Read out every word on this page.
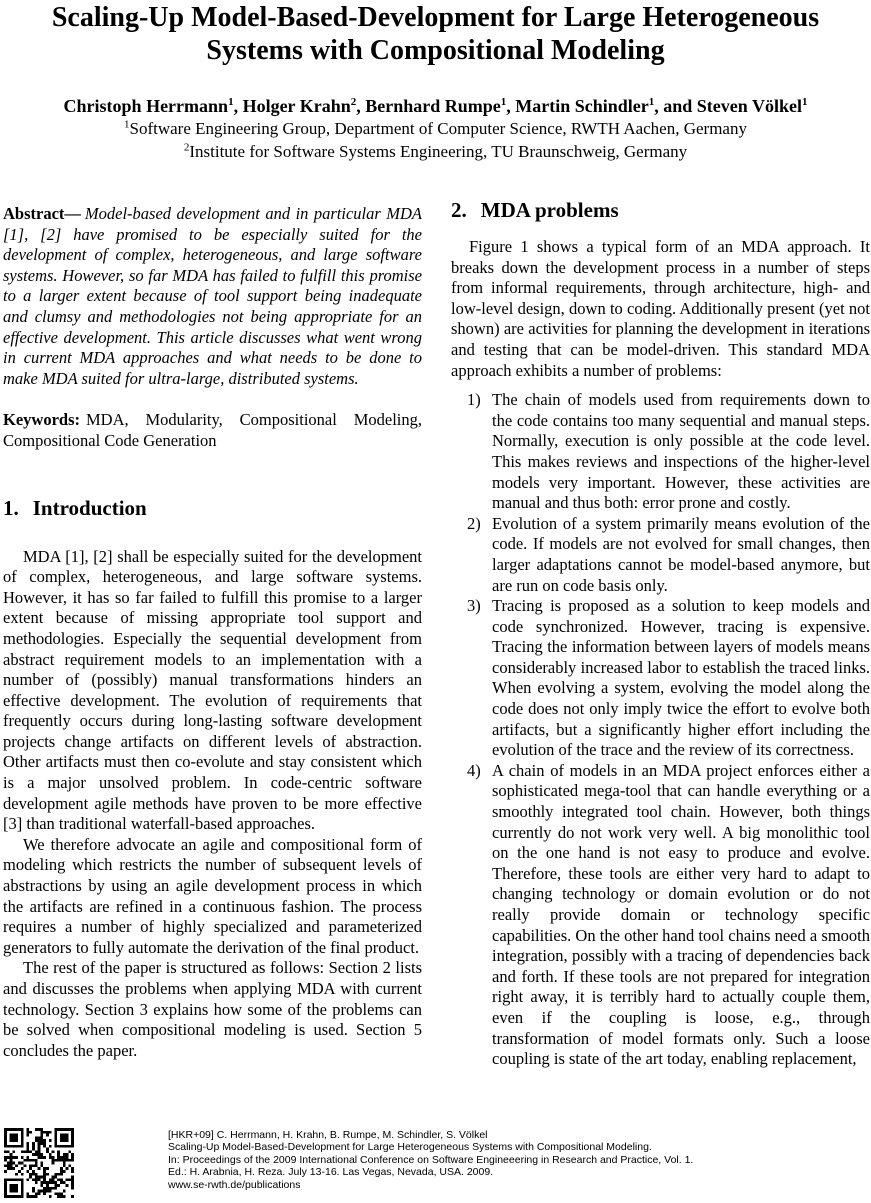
Scaling-Up Model-Based-Development for Large Heterogeneous Systems with Compositional Modeling
Christoph Herrmann$^1$, Holger Krahn$^2$, Bernhard Rumpe$^1$, Martin Schindler$^1$, and Steven Völkel$^1$
$^1$Software Engineering Group, Department of Computer Science, RWTH Aachen, Germany
$^2$Institute for Software Systems Engineering, TU Braunschweig, Germany

Abstract— Model-based development and in particular MDA [1], [2] have promised to be especially suited for the development of complex, heterogeneous, and large software systems. However, so far MDA has failed to fulfill this promise to a larger extent because of tool support being inadequate and clumsy and methodologies not being appropriate for an effective development. This article discusses what went wrong in current MDA approaches and what needs to be done to make MDA suited for ultra-large, distributed systems.

Keywords: MDA, Modularity, Compositional Modeling, Compositional Code Generation

1. Introduction

MDA [1], [2] shall be especially suited for the development of complex, heterogeneous, and large software systems. However, it has so far failed to fulfill this promise to a larger extent because of missing appropriate tool support and methodologies. Especially the sequential development from abstract requirement models to an implementation with a number of (possibly) manual transformations hinders an effective development. The evolution of requirements that frequently occurs during long-lasting software development projects change artifacts on different levels of abstraction. Other artifacts must then co-evolute and stay consistent which is a major unsolved problem. In code-centric software development agile methods have proven to be more effective [3] than traditional waterfall-based approaches.

We therefore advocate an agile and compositional form of modeling which restricts the number of subsequent levels of abstractions by using an agile development process in which the artifacts are refined in a continuous fashion. The process requires a number of highly specialized and parameterized generators to fully automate the derivation of the final product.

The rest of the paper is structured as follows: Section 2 lists and discusses the problems when applying MDA with current technology. Section 3 explains how some of the problems can be solved when compositional modeling is used. Section 5 concludes the paper.

2. MDA problems

Figure 1 shows a typical form of an MDA approach. It breaks down the development process in a number of steps from informal requirements, through architecture, high- and low-level design, down to coding. Additionally present (yet not shown) are activities for planning the development in iterations and testing that can be model-driven. This standard MDA approach exhibits a number of problems:

1) The chain of models used from requirements down to the code contains too many sequential and manual steps. Normally, execution is only possible at the code level. This makes reviews and inspections of the higher-level models very important. However, these activities are manual and thus both: error prone and costly.
2) Evolution of a system primarily means evolution of the code. If models are not evolved for small changes, then larger adaptations cannot be model-based anymore, but are run on code basis only.
3) Tracing is proposed as a solution to keep models and code synchronized. However, tracing is expensive. Tracing the information between layers of models means considerably increased labor to establish the traced links. When evolving a system, evolving the model along the code does not only imply twice the effort to evolve both artifacts, but a significantly higher effort including the evolution of the trace and the review of its correctness.
4) A chain of models in an MDA project enforces either a sophisticated mega-tool that can handle everything or a smoothly integrated tool chain. However, both things currently do not work very well. A big monolithic tool on the one hand is not easy to produce and evolve. Therefore, these tools are either very hard to adapt to changing technology or domain evolution or do not really provide domain or technology specific capabilities. On the other hand tool chains need a smooth integration, possibly with a tracing of dependencies back and forth. If these tools are not prepared for integration right away, it is terribly hard to actually couple them, even if the coupling is loose, e.g., through transformation of model formats only. Such a loose coupling is state of the art today, enabling replacement,
[HKR+09] C. Herrmann, H. Krahn, B. Rumpe, M. Schindler, S. Völkel
Scaling-Up Model-Based-Development for Large Heterogeneous Systems with Compositional Modeling.
In: Proceedings of the 2009 International Conference on Software Engineeering in Research and Practice, Vol. 1.
Ed.: H. Arabnia, H. Reza. July 13-16. Las Vegas, Nevada, USA. 2009.
www.se-rwth.de/publications
